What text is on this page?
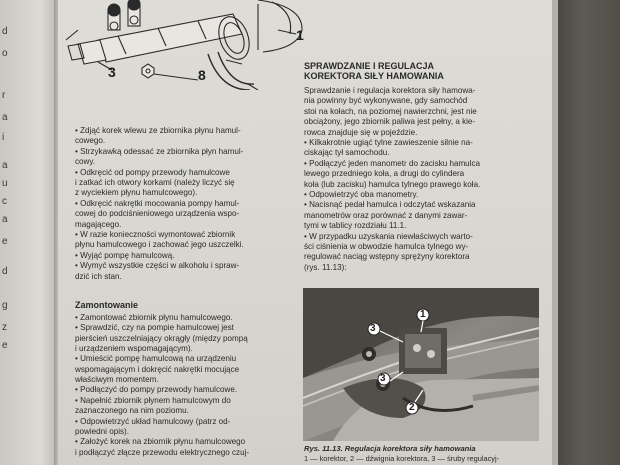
d
o
r
a
i
a
u
c
a
e
d
g
z
e
3	8
1
• Zdjąć korek wlewu ze zbiornika płynu hamul-
cowego.
• Strzykawką odessać ze zbiornika płyn hamul-
cowy.
• Odkręcić od pompy przewody hamulcowe
i zatkać ich otwory korkami (należy liczyć się
z wyciekiem płynu hamulcowego).
• Odkręcić nakrętki mocowania pompy hamul-
cowej do podciśnieniowego urządzenia wspo-
magającego.
• W razie konieczności wymontować zbiornik
płynu hamulcowego i zachować jego uszczelki.
• Wyjąć pompę hamulcową.
• Wymyć wszystkie części w alkoholu i spraw-
dzić ich stan.
Zamontowanie
• Zamontować zbiornik płynu hamulcowego.
• Sprawdzić, czy na pompie hamulcowej jest
pierścień uszczelniający okrągły (między pompą
i urządzeniem wspomagającym).
• Umieścić pompę hamulcową na urządzeniu
wspomagającym i dokręcić nakrętki mocujące
właściwym momentem.
• Podłączyć do pompy przewody hamulcowe.
• Napełnić zbiornik płynem hamulcowym do
zaznaczonego na nim poziomu.
• Odpowietrzyć układ hamulcowy (patrz od-
powiedni opis).
• Założyć korek na zbiornik płynu hamulcowego
i podłączyć złącze przewodu elektrycznego czuj-
SPRAWDZANIE I REGULACJA
KOREKTORA SIŁY HAMOWANIA
Sprawdzanie i regulacja korektora siły hamowa-
nia powinny być wykonywane, gdy samochód
stoi na kołach, na poziomej nawierzchni, jest nie
obciążony, jego zbiornik paliwa jest pełny, a kie-
rowca znajduje się w pojeździe.
• Kilkakrotnie ugiąć tylne zawieszenie silnie na-
ciskając tył samochodu.
• Podłączyć jeden manometr do zacisku hamulca
lewego przedniego koła, a drugi do cylindera
koła (lub zacisku) hamulca tylnego prawego koła.
• Odpowietrzyć oba manometry.
• Nacisnąć pedał hamulca i odczytać wskazania
manometrów oraz porównać z danymi zawar-
tymi w tablicy rozdziału 11.1.
• W przypadku uzyskania niewłaściwych warto-
ści ciśnienia w obwodzie hamulca tylnego wy-
regulować naciąg wstępny sprężyny korektora
(rys. 11.13):
3
3
1
2
Rys. 11.13. Regulacja korektora siły hamowania
1 — korektor, 2 — dźwignia korektora, 3 — śruby regulacyj-
